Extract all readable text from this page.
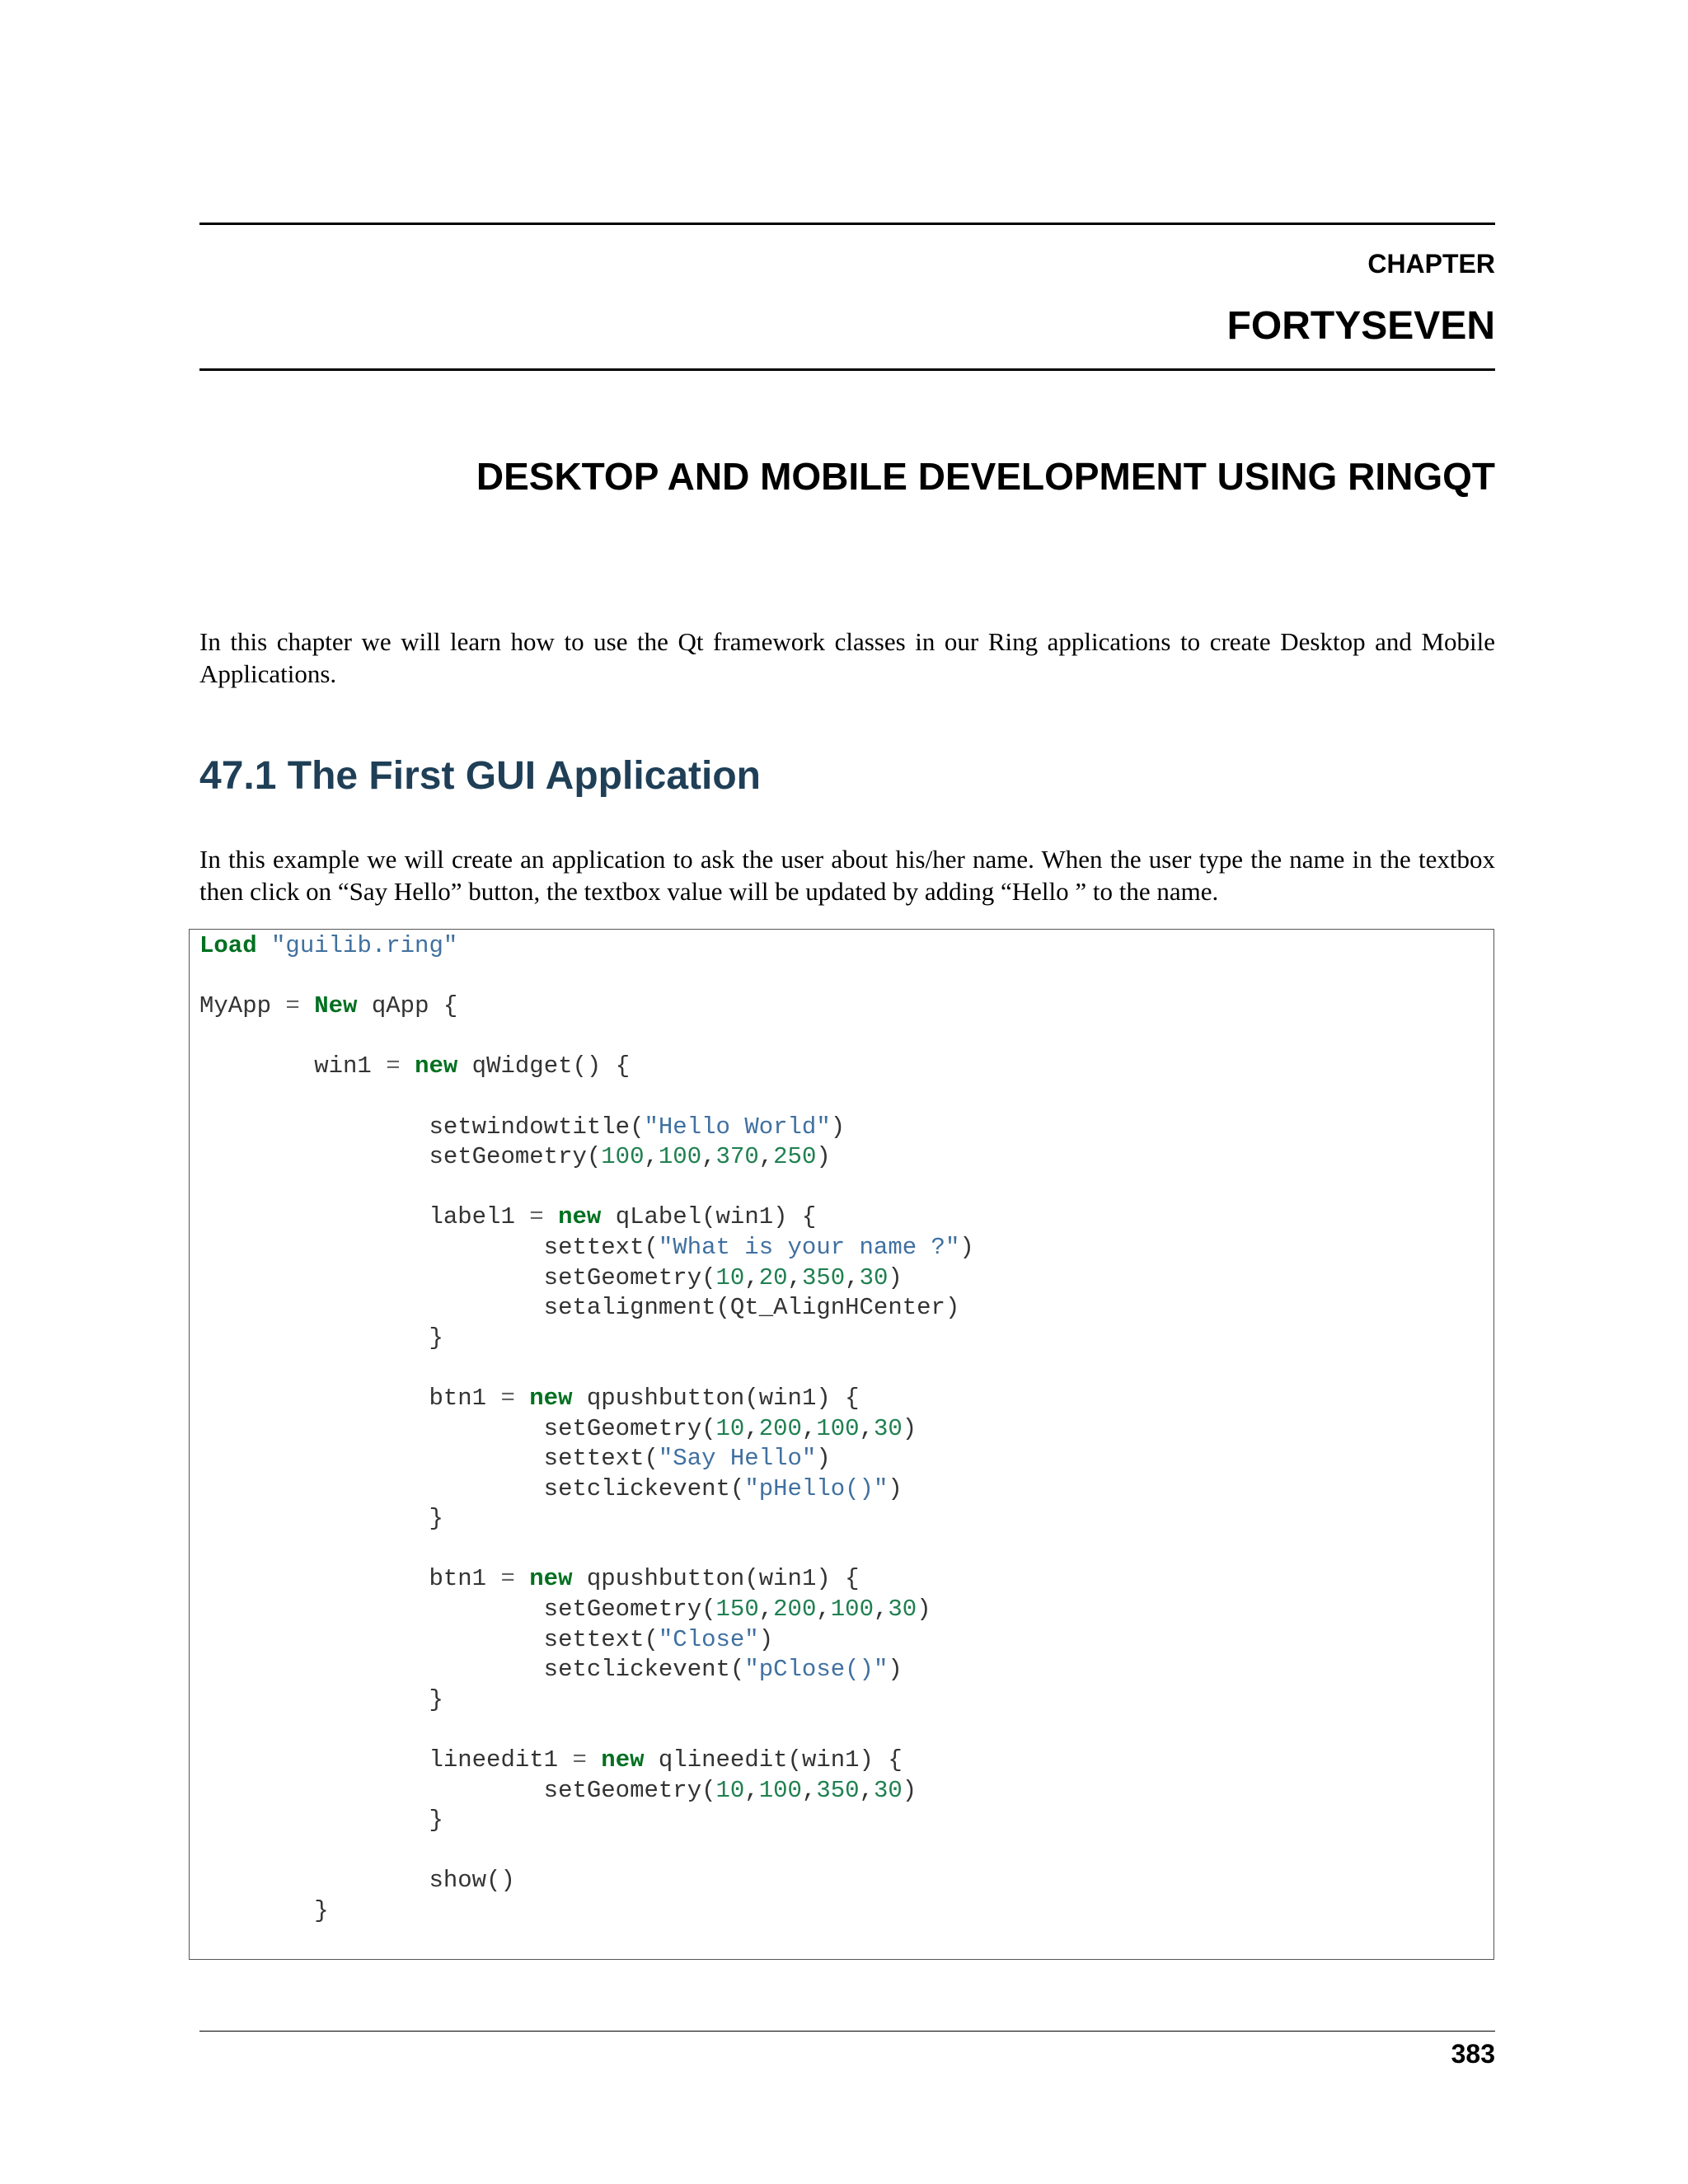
CHAPTER
FORTYSEVEN
DESKTOP AND MOBILE DEVELOPMENT USING RINGQT

In this chapter we will learn how to use the Qt framework classes in our Ring applications to create Desktop and Mobile Applications.

47.1 The First GUI Application

In this example we will create an application to ask the user about his/her name. When the user type the name in the textbox then click on “Say Hello” button, the textbox value will be updated by adding “Hello ” to the name.

Load "guilib.ring"
MyApp = New qApp {
win1 = new qWidget() {
setwindowtitle("Hello World")
setGeometry(100,100,370,250)
label1 = new qLabel(win1) {
settext("What is your name ?")
setGeometry(10,20,350,30)
setalignment(Qt_AlignHCenter)
}
btn1 = new qpushbutton(win1) {
setGeometry(10,200,100,30)
settext("Say Hello")
setclickevent("pHello()")
}
btn1 = new qpushbutton(win1) {
setGeometry(150,200,100,30)
settext("Close")
setclickevent("pClose()")
}
lineedit1 = new qlineedit(win1) {
setGeometry(10,100,350,30)
}
show()
}
383
